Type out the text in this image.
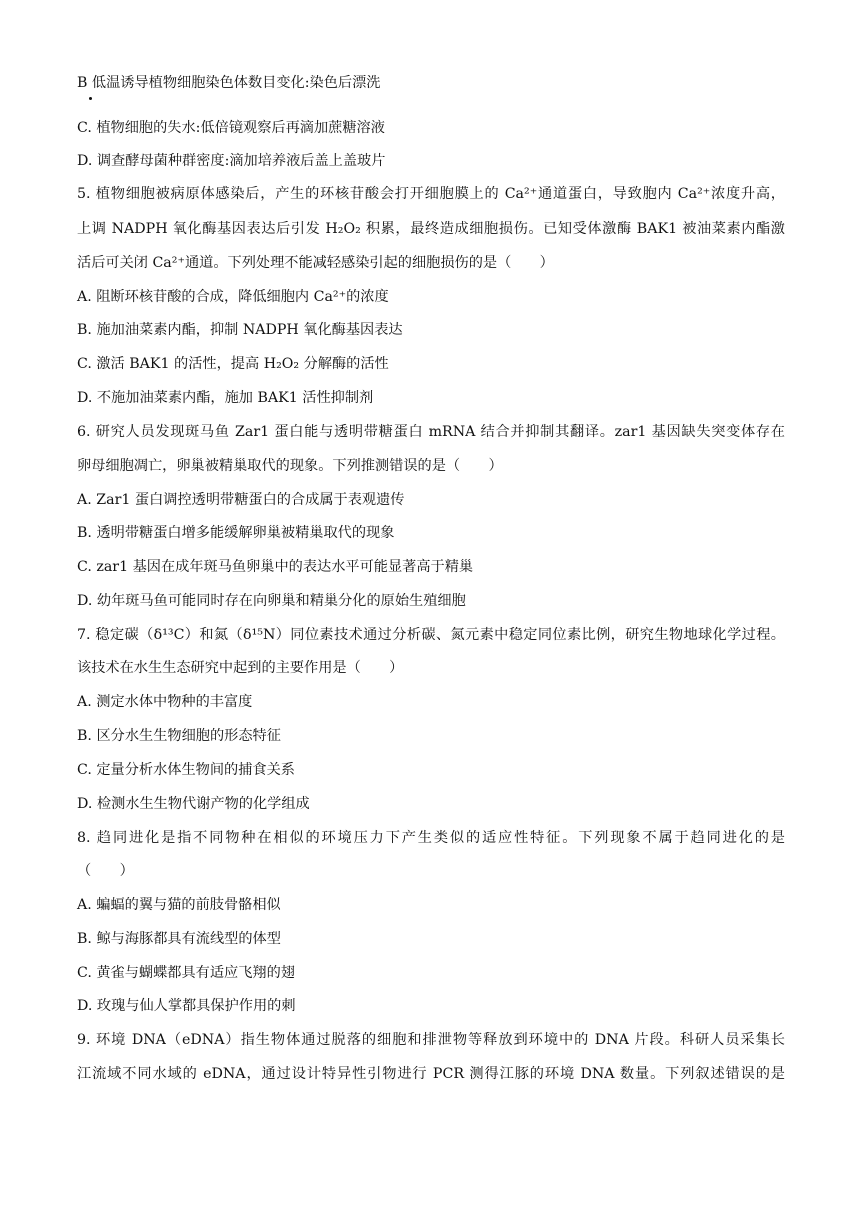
B 低温诱导植物细胞染色体数目变化:染色后漂洗
C. 植物细胞的失水:低倍镜观察后再滴加蔗糖溶液
D. 调查酵母菌种群密度:滴加培养液后盖上盖玻片
5. 植物细胞被病原体感染后，产生的环核苷酸会打开细胞膜上的 Ca²⁺通道蛋白，导致胞内 Ca²⁺浓度升高，
上调 NADPH 氧化酶基因表达后引发 H₂O₂ 积累，最终造成细胞损伤。已知受体激酶 BAK1 被油菜素内酯激
活后可关闭 Ca²⁺通道。下列处理不能减轻感染引起的细胞损伤的是（　　）
A. 阻断环核苷酸的合成，降低细胞内 Ca²⁺的浓度
B. 施加油菜素内酯，抑制 NADPH 氧化酶基因表达
C. 激活 BAK1 的活性，提高 H₂O₂ 分解酶的活性
D. 不施加油菜素内酯，施加 BAK1 活性抑制剂
6. 研究人员发现斑马鱼 Zar1 蛋白能与透明带糖蛋白 mRNA 结合并抑制其翻译。zar1 基因缺失突变体存在
卵母细胞凋亡，卵巢被精巢取代的现象。下列推测错误的是（　　）
A. Zar1 蛋白调控透明带糖蛋白的合成属于表观遗传
B. 透明带糖蛋白增多能缓解卵巢被精巢取代的现象
C. zar1 基因在成年斑马鱼卵巢中的表达水平可能显著高于精巢
D. 幼年斑马鱼可能同时存在向卵巢和精巢分化的原始生殖细胞
7. 稳定碳（δ¹³C）和氮（δ¹⁵N）同位素技术通过分析碳、氮元素中稳定同位素比例，研究生物地球化学过程。
该技术在水生生态研究中起到的主要作用是（　　）
A. 测定水体中物种的丰富度
B. 区分水生生物细胞的形态特征
C. 定量分析水体生物间的捕食关系
D. 检测水生生物代谢产物的化学组成
8. 趋同进化是指不同物种在相似的环境压力下产生类似的适应性特征。下列现象不属于趋同进化的是
（　　）
A. 蝙蝠的翼与猫的前肢骨骼相似
B. 鲸与海豚都具有流线型的体型
C. 黄雀与蝴蝶都具有适应飞翔的翅
D. 玫瑰与仙人掌都具保护作用的刺
9. 环境 DNA（eDNA）指生物体通过脱落的细胞和排泄物等释放到环境中的 DNA 片段。科研人员采集长
江流域不同水域的 eDNA，通过设计特异性引物进行 PCR 测得江豚的环境 DNA 数量。下列叙述错误的是
